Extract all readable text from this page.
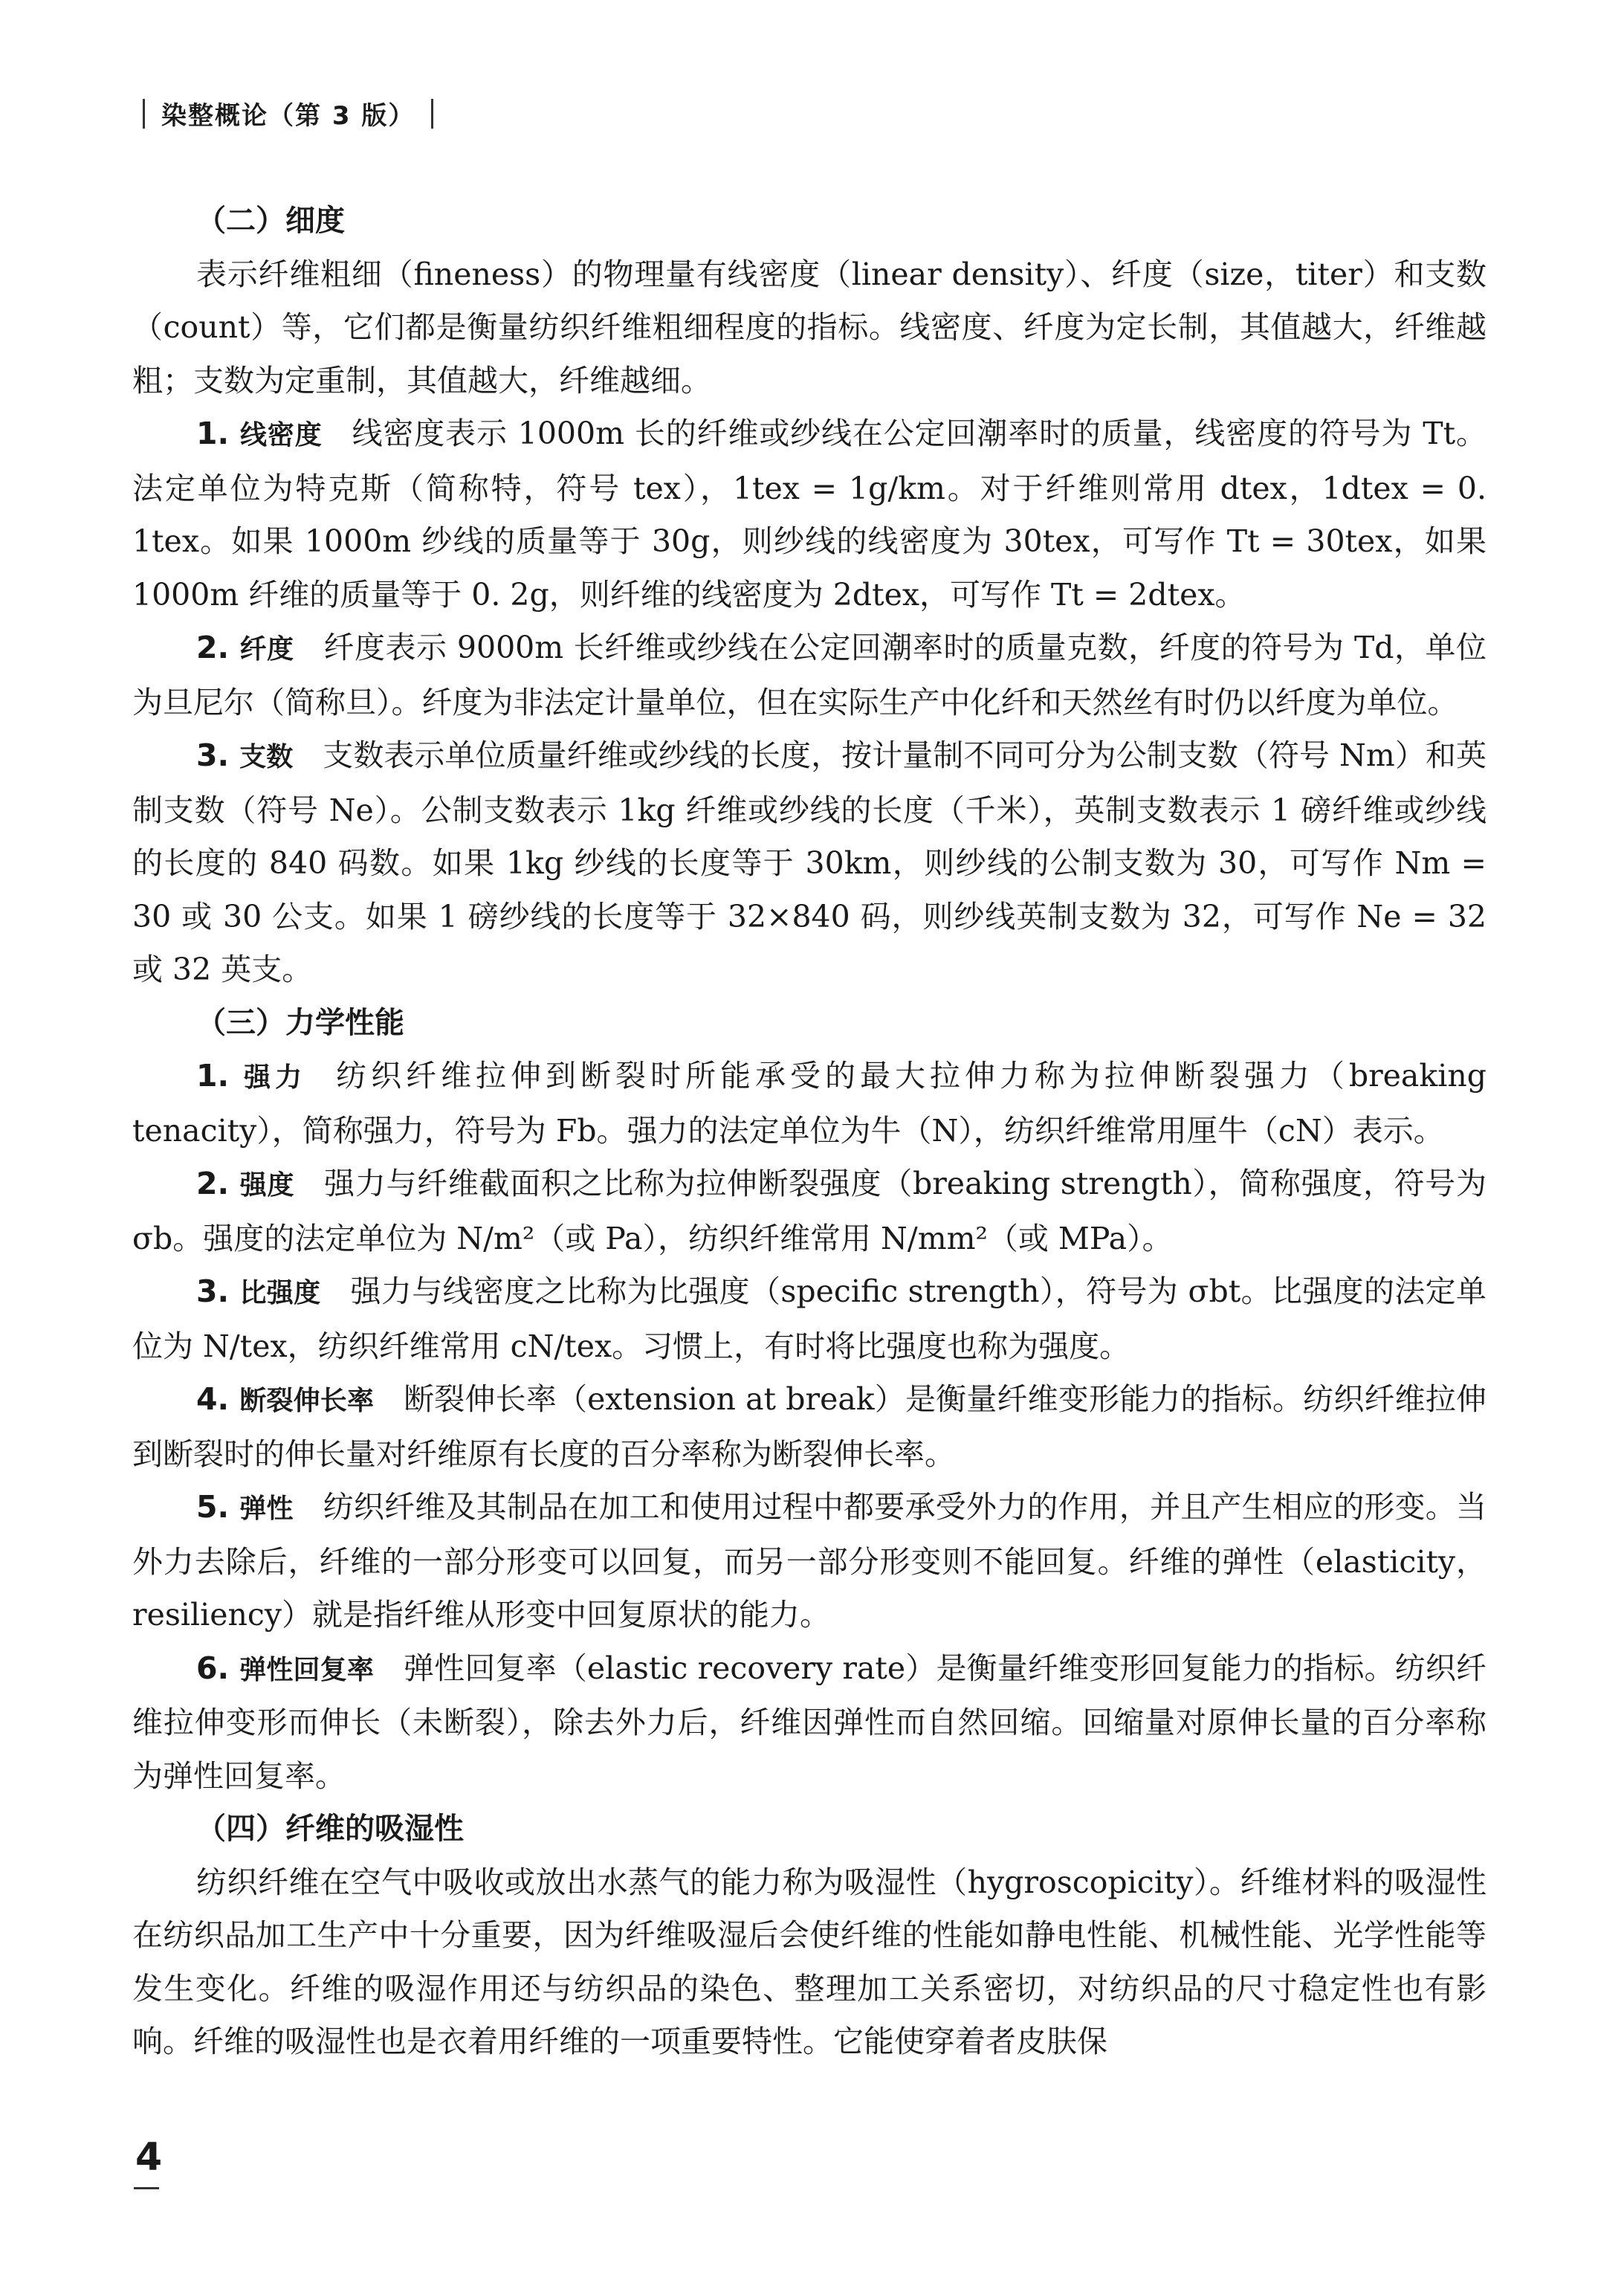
染整概论（第 3 版）
（二）细度

表示纤维粗细（fineness）的物理量有线密度（linear density）、纤度（size，titer）和支数（count）等，它们都是衡量纺织纤维粗细程度的指标。线密度、纤度为定长制，其值越大，纤维越粗；支数为定重制，其值越大，纤维越细。

1. 线密度 线密度表示 1000m 长的纤维或纱线在公定回潮率时的质量，线密度的符号为 Tt。法定单位为特克斯（简称特，符号 tex），1tex = 1g/km。对于纤维则常用 dtex，1dtex = 0. 1tex。如果 1000m 纱线的质量等于 30g，则纱线的线密度为 30tex，可写作 Tt = 30tex，如果 1000m 纤维的质量等于 0. 2g，则纤维的线密度为 2dtex，可写作 Tt = 2dtex。

2. 纤度 纤度表示 9000m 长纤维或纱线在公定回潮率时的质量克数，纤度的符号为 Td，单位为旦尼尔（简称旦）。纤度为非法定计量单位，但在实际生产中化纤和天然丝有时仍以纤度为单位。

3. 支数 支数表示单位质量纤维或纱线的长度，按计量制不同可分为公制支数（符号 Nm）和英制支数（符号 Ne）。公制支数表示 1kg 纤维或纱线的长度（千米），英制支数表示 1 磅纤维或纱线的长度的 840 码数。如果 1kg 纱线的长度等于 30km，则纱线的公制支数为 30，可写作 Nm = 30 或 30 公支。如果 1 磅纱线的长度等于 32×840 码，则纱线英制支数为 32，可写作 Ne = 32 或 32 英支。

（三）力学性能

1. 强力 纺织纤维拉伸到断裂时所能承受的最大拉伸力称为拉伸断裂强力（breaking tenacity），简称强力，符号为 Fb。强力的法定单位为牛（N），纺织纤维常用厘牛（cN）表示。

2. 强度 强力与纤维截面积之比称为拉伸断裂强度（breaking strength），简称强度，符号为 σb。强度的法定单位为 N/m²（或 Pa），纺织纤维常用 N/mm²（或 MPa）。

3. 比强度 强力与线密度之比称为比强度（specific strength），符号为 σbt。比强度的法定单位为 N/tex，纺织纤维常用 cN/tex。习惯上，有时将比强度也称为强度。

4. 断裂伸长率 断裂伸长率（extension at break）是衡量纤维变形能力的指标。纺织纤维拉伸到断裂时的伸长量对纤维原有长度的百分率称为断裂伸长率。

5. 弹性 纺织纤维及其制品在加工和使用过程中都要承受外力的作用，并且产生相应的形变。当外力去除后，纤维的一部分形变可以回复，而另一部分形变则不能回复。纤维的弹性（elasticity，resiliency）就是指纤维从形变中回复原状的能力。

6. 弹性回复率 弹性回复率（elastic recovery rate）是衡量纤维变形回复能力的指标。纺织纤维拉伸变形而伸长（未断裂），除去外力后，纤维因弹性而自然回缩。回缩量对原伸长量的百分率称为弹性回复率。

（四）纤维的吸湿性

纺织纤维在空气中吸收或放出水蒸气的能力称为吸湿性（hygroscopicity）。纤维材料的吸湿性在纺织品加工生产中十分重要，因为纤维吸湿后会使纤维的性能如静电性能、机械性能、光学性能等发生变化。纤维的吸湿作用还与纺织品的染色、整理加工关系密切，对纺织品的尺寸稳定性也有影响。纤维的吸湿性也是衣着用纤维的一项重要特性。它能使穿着者皮肤保

4
